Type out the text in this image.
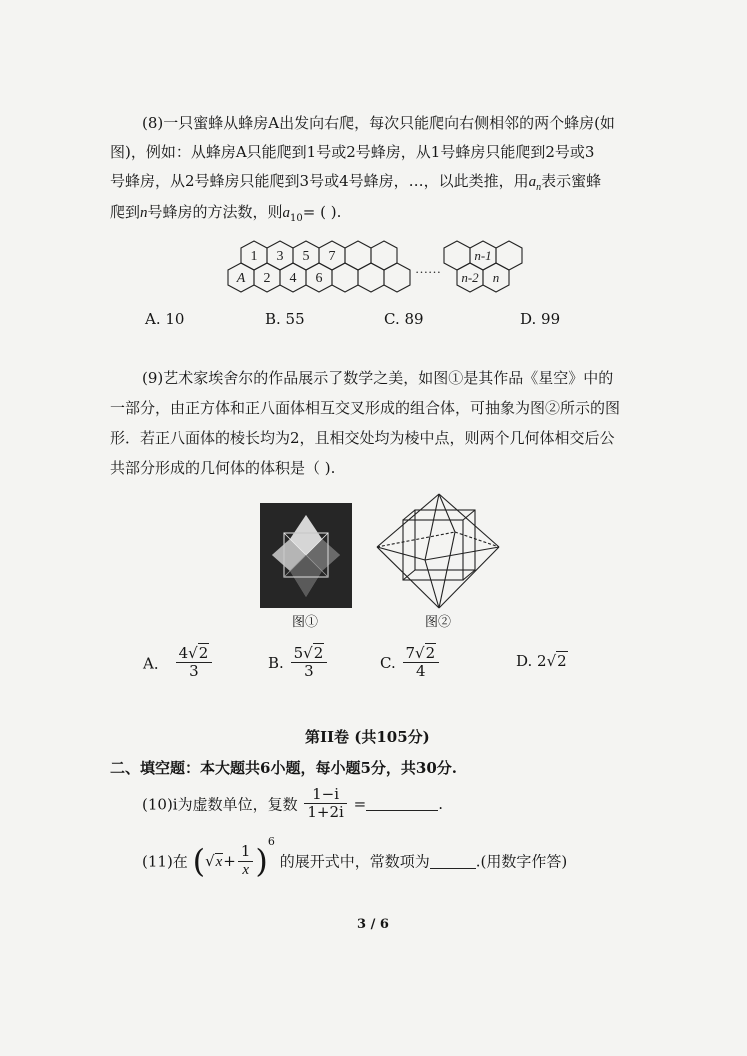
(8)一只蜜蜂从蜂房A出发向右爬，每次只能爬向右侧相邻的两个蜂房(如
图)，例如：从蜂房A只能爬到1号或2号蜂房，从1号蜂房只能爬到2号或3
号蜂房，从2号蜂房只能爬到3号或4号蜂房，…，以此类推，用$a_n$表示蜜蜂
爬到n号蜂房的方法数，则$a_{10}=$ ( ).
1 3 5 7
A 2 4 6
……
n-1
n-2 n
A. 10	B. 55	C. 89	D. 99
(9)艺术家埃舍尔的作品展示了数学之美，如图①是其作品《星空》中的
一部分，由正方体和正八面体相互交叉形成的组合体，可抽象为图②所示的图
形．若正八面体的棱长均为2，且相交处均为棱中点，则两个几何体相交后公
共部分形成的几何体的体积是（ ).
图①	图②
A． $\frac{4√2}{3}$	B. $\frac{5√2}{3}$	C. $\frac{7√2}{4}$	D. 2√2
第II卷 (共105分)
二、填空题：本大题共6小题，每小题5分，共30分.
(10)i为虚数单位，复数 $\frac{1-i}{1+2i}$ =	.
(11)在 $(√x+ \frac{1}{x} )^6$ 的展开式中，常数项为	.(用数字作答)
3 / 6
